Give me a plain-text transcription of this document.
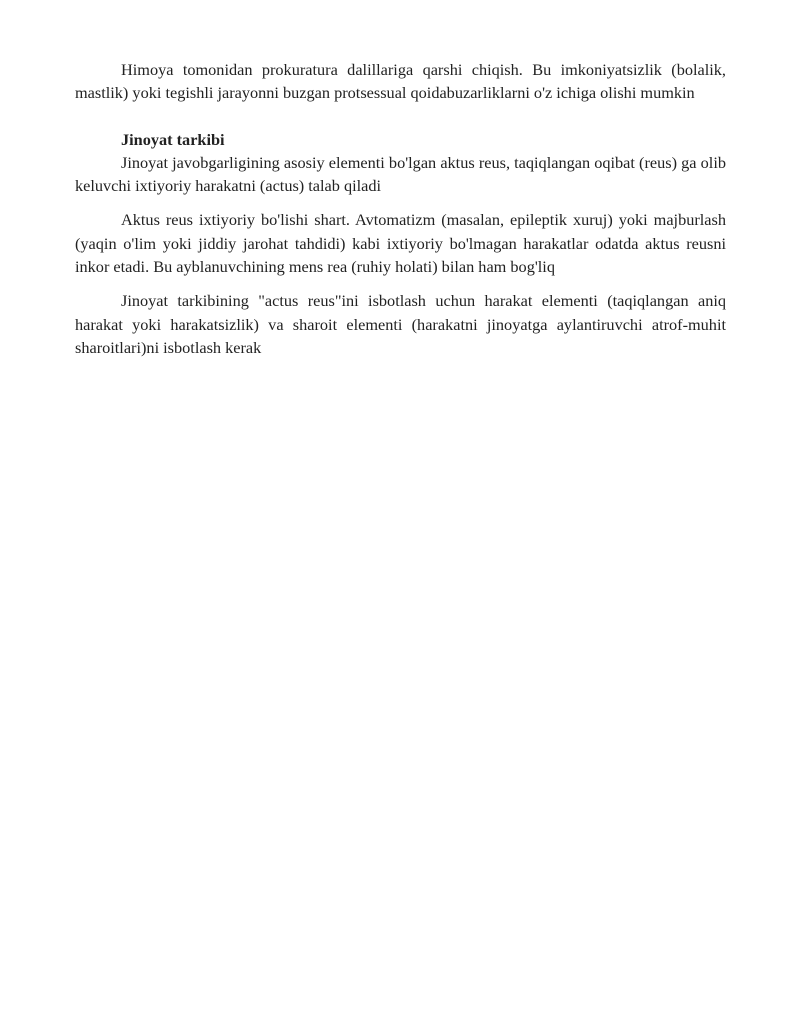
Himoya tomonidan prokuratura dalillariga qarshi chiqish. Bu imkoniyatsizlik (bolalik, mastlik) yoki tegishli jarayonni buzgan protsessual qoidabuzarliklarni o'z ichiga olishi mumkin

Jinoyat tarkibi

Jinoyat javobgarligining asosiy elementi bo'lgan aktus reus, taqiqlangan oqibat (reus) ga olib keluvchi ixtiyoriy harakatni (actus) talab qiladi

Aktus reus ixtiyoriy bo'lishi shart. Avtomatizm (masalan, epileptik xuruj) yoki majburlash (yaqin o'lim yoki jiddiy jarohat tahdidi) kabi ixtiyoriy bo'lmagan harakatlar odatda aktus reusni inkor etadi. Bu ayblanuvchining mens rea (ruhiy holati) bilan ham bog'liq

Jinoyat tarkibining "actus reus"ini isbotlash uchun harakat elementi (taqiqlangan aniq harakat yoki harakatsizlik) va sharoit elementi (harakatni jinoyatga aylantiruvchi atrof-muhit sharoitlari)ni isbotlash kerak
